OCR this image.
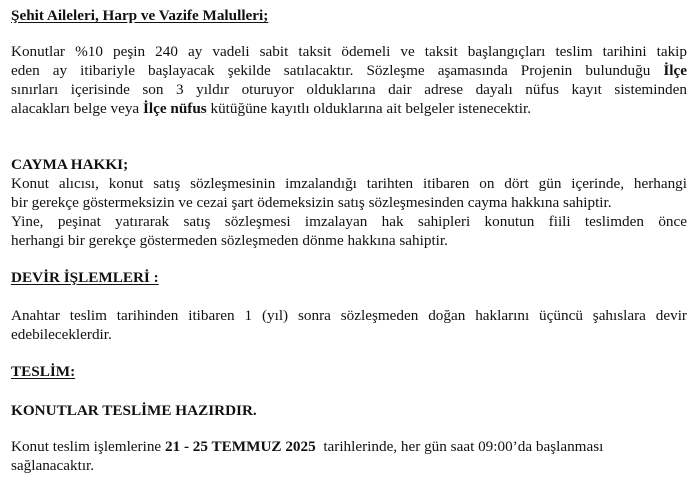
Şehit Aileleri, Harp ve Vazife Malulleri;
Konutlar %10 peşin 240 ay vadeli sabit taksit ödemeli ve taksit başlangıçları teslim tarihini takip
eden ay itibariyle başlayacak şekilde satılacaktır. Sözleşme aşamasında Projenin bulunduğu İlçe
sınırları içerisinde son 3 yıldır oturuyor olduklarına dair adrese dayalı nüfus kayıt sisteminden
alacakları belge veya İlçe nüfus kütüğüne kayıtlı olduklarına ait belgeler istenecektir.
CAYMA HAKKI;
Konut alıcısı, konut satış sözleşmesinin imzalandığı tarihten itibaren on dört gün içerinde, herhangi
bir gerekçe göstermeksizin ve cezai şart ödemeksizin satış sözleşmesinden cayma hakkına sahiptir.
Yine, peşinat yatırarak satış sözleşmesi imzalayan hak sahipleri konutun fiili teslimden önce
herhangi bir gerekçe göstermeden sözleşmeden dönme hakkına sahiptir.
DEVİR İŞLEMLERİ :
Anahtar teslim tarihinden itibaren 1 (yıl) sonra sözleşmeden doğan haklarını üçüncü şahıslara devir
edebileceklerdir.
TESLİM:
KONUTLAR TESLİME HAZIRDIR.
Konut teslim işlemlerine 21 - 25 TEMMUZ 2025  tarihlerinde, her gün saat 09:00’da başlanması
sağlanacaktır.
